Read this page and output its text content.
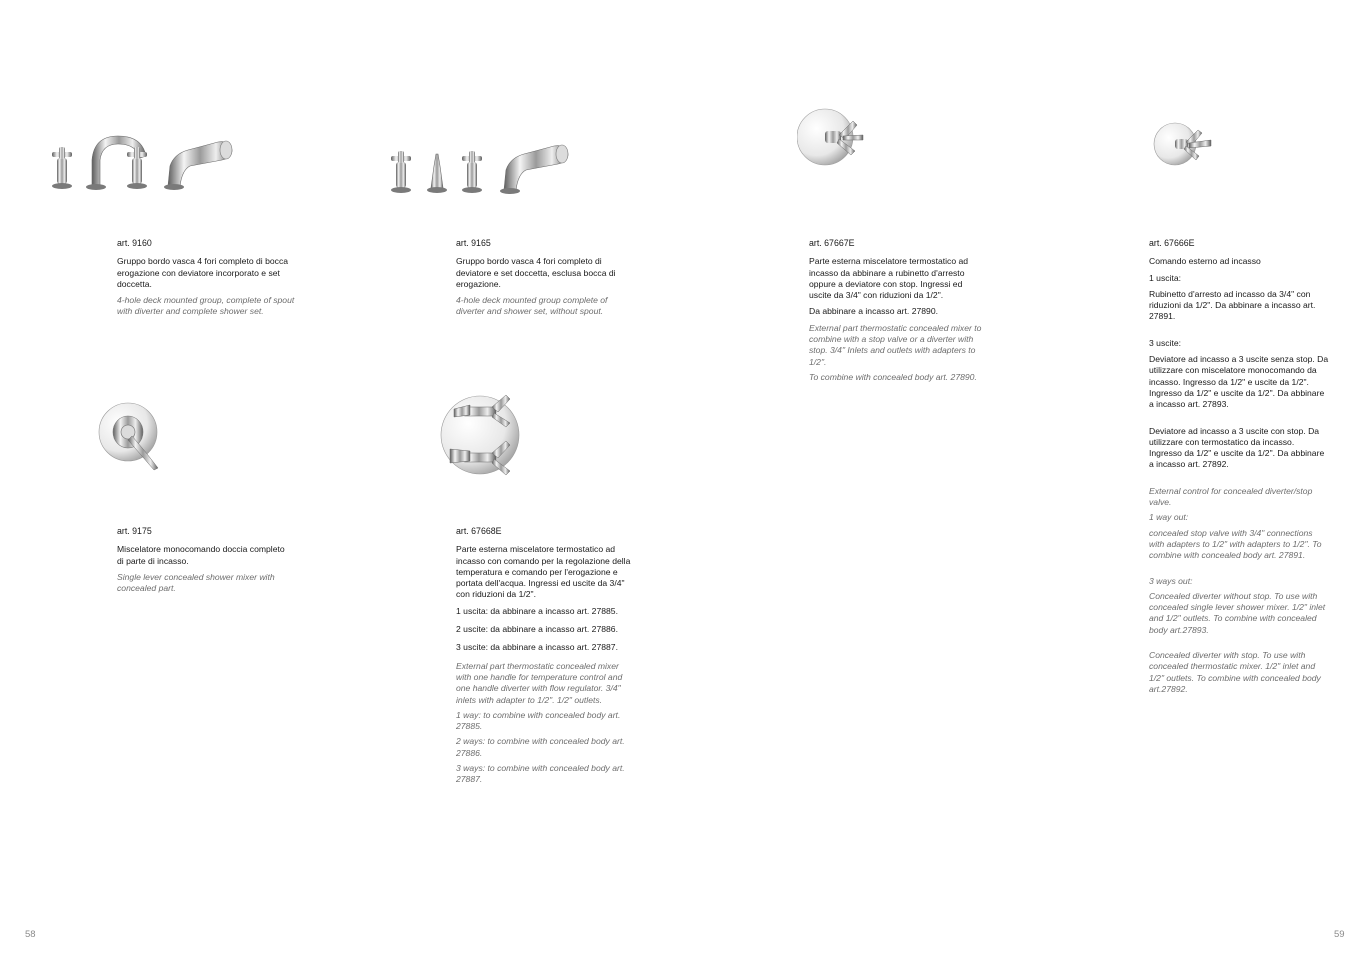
art. 9160

Gruppo bordo vasca 4 fori completo di bocca erogazione con deviatore incorporato e set doccetta.

4-hole deck mounted group, complete of spout with diverter and complete shower set.

art. 9165

Gruppo bordo vasca 4 fori completo di deviatore e set doccetta, esclusa bocca di erogazione.

4-hole deck mounted group complete of diverter and shower set, without spout.

art. 67667E

Parte esterna miscelatore termostatico ad incasso da abbinare a rubinetto d'arresto oppure a deviatore con stop. Ingressi ed uscite da 3/4" con riduzioni da 1/2".

Da abbinare a incasso art. 27890.

External part thermostatic concealed mixer to combine with a stop valve or a diverter with stop. 3/4" Inlets and outlets with adapters to 1/2".

To combine with concealed body art. 27890.

art. 67666E

Comando esterno ad incasso

1 uscita:

Rubinetto d'arresto ad incasso da 3/4" con riduzioni da 1/2". Da abbinare a incasso art. 27891.

3 uscite:

Deviatore ad incasso a 3 uscite senza stop. Da utilizzare con miscelatore monocomando da incasso. Ingresso da 1/2" e uscite da 1/2". Ingresso da 1/2" e uscite da 1/2". Da abbinare a incasso art. 27893.

Deviatore ad incasso a 3 uscite con stop. Da utilizzare con termostatico da incasso. Ingresso da 1/2" e uscite da 1/2". Da abbinare a incasso art. 27892.

External control for concealed diverter/stop valve.

1 way out:

concealed stop valve with 3/4" connections with adapters to 1/2" with adapters to 1/2". To combine with concealed body art. 27891.

3 ways out:

Concealed diverter without stop. To use with concealed single lever shower mixer. 1/2" inlet and 1/2" outlets. To combine with concealed body art.27893.

Concealed diverter with stop. To use with concealed thermostatic mixer. 1/2" inlet and 1/2" outlets. To combine with concealed body art.27892.

art. 9175

Miscelatore monocomando doccia completo di parte di incasso.

Single lever concealed shower mixer with concealed part.

art. 67668E

Parte esterna miscelatore termostatico ad incasso con comando per la regolazione della temperatura e comando per l'erogazione e portata dell'acqua. Ingressi ed uscite da 3/4" con riduzioni da 1/2".

1 uscita: da abbinare a incasso art. 27885.

2 uscite: da abbinare a incasso art. 27886.

3 uscite: da abbinare a incasso art. 27887.

External part thermostatic concealed mixer with one handle for temperature control and one handle diverter with flow regulator. 3/4" inlets with adapter to 1/2". 1/2" outlets.

1 way: to combine with concealed body art. 27885.

2 ways: to combine with concealed body art. 27886.

3 ways: to combine with concealed body art. 27887.

58	59
